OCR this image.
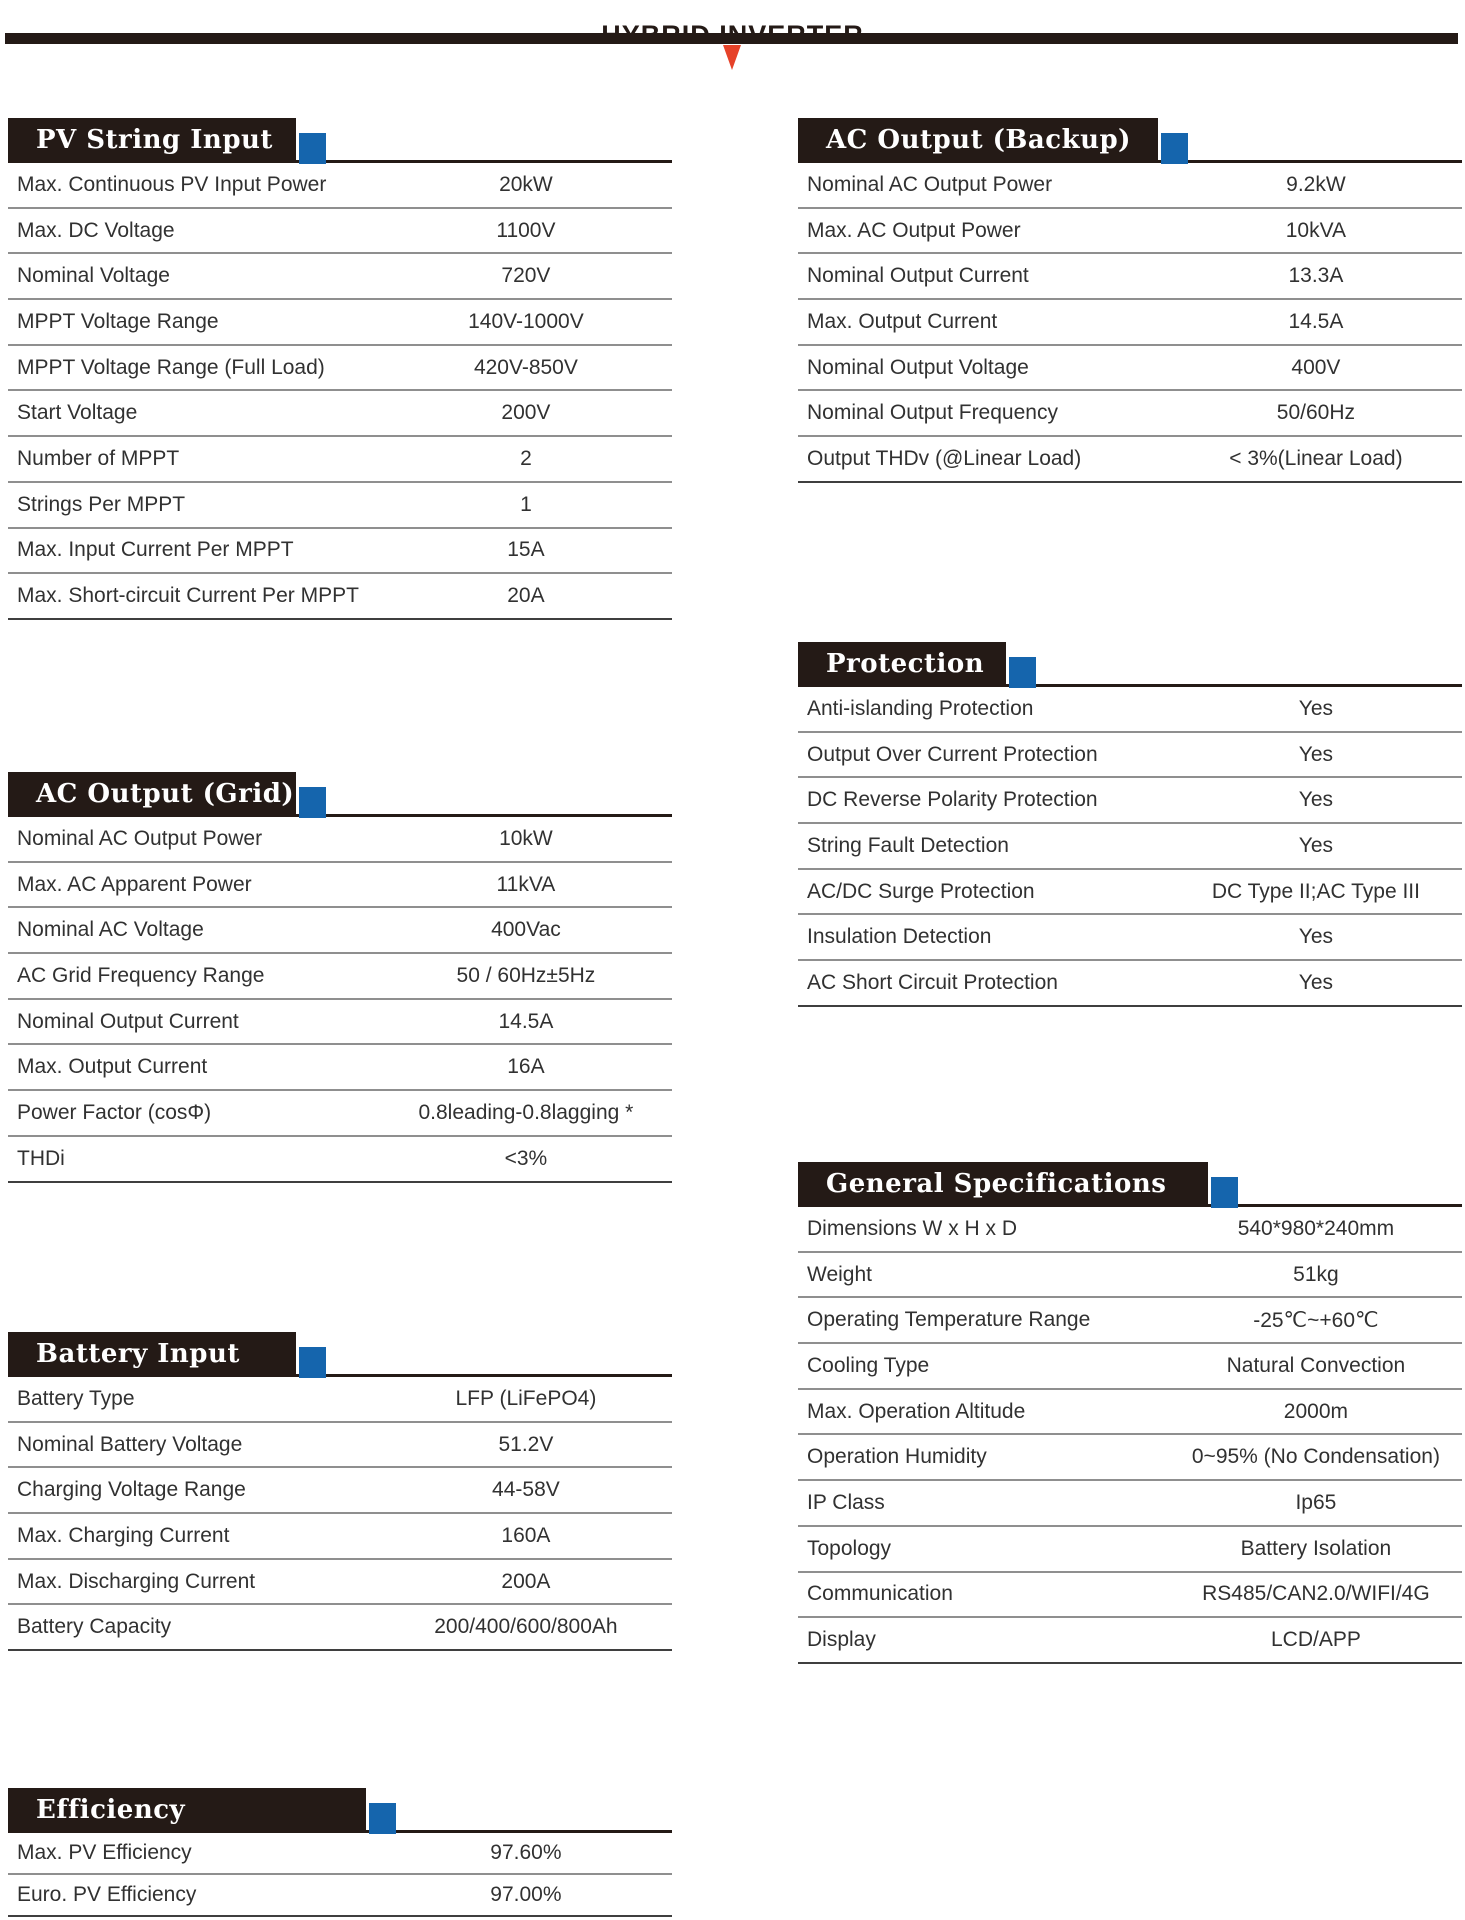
PV String Input
Max. Continuous PV Input Power	20kW
Max. DC Voltage	1100V
Nominal Voltage	720V
MPPT Voltage Range	140V-1000V
MPPT Voltage Range (Full Load)	420V-850V
Start Voltage	200V
Number of MPPT	2
Strings Per MPPT	1
Max. Input Current Per MPPT	15A
Max. Short-circuit Current Per MPPT	20A
AC Output (Grid)
Nominal AC Output Power	10kW
Max. AC Apparent Power	11kVA
Nominal AC Voltage	400Vac
AC Grid Frequency Range	50 / 60Hz±5Hz
Nominal Output Current	14.5A
Max. Output Current	16A
Power Factor (cosΦ)	0.8leading-0.8lagging *
THDi	<3%
Battery Input
Battery Type	LFP (LiFePO4)
Nominal Battery Voltage	51.2V
Charging Voltage Range	44-58V
Max. Charging Current	160A
Max. Discharging Current	200A
Battery Capacity	200/400/600/800Ah
Efficiency
Max. PV Efficiency	97.60%
Euro. PV Efficiency	97.00%
AC Output (Backup)
Nominal AC Output Power	9.2kW
Max. AC Output Power	10kVA
Nominal Output Current	13.3A
Max. Output Current	14.5A
Nominal Output Voltage	400V
Nominal Output Frequency	50/60Hz
Output THDv (@Linear Load)	< 3%(Linear Load)
Protection
Anti-islanding Protection	Yes
Output Over Current Protection	Yes
DC Reverse Polarity Protection	Yes
String Fault Detection	Yes
AC/DC Surge Protection	DC Type II;AC Type III
Insulation Detection	Yes
AC Short Circuit Protection	Yes
General Specifications
Dimensions W x H x D	540*980*240mm
Weight	51kg
Operating Temperature Range	-25℃~+60℃
Cooling Type	Natural Convection
Max. Operation Altitude	2000m
Operation Humidity	0~95% (No Condensation)
IP Class	Ip65
Topology	Battery Isolation
Communication	RS485/CAN2.0/WIFI/4G
Display	LCD/APP
